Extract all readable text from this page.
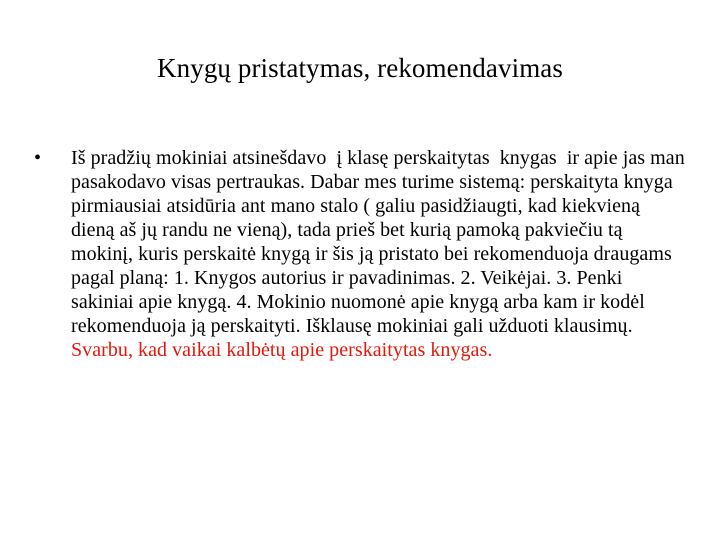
Knygų pristatymas, rekomendavimas
•	Iš pradžių mokiniai atsinešdavo  į klasę perskaitytas  knygas  ir apie jas man pasakodavo visas pertraukas. Dabar mes turime sistemą: perskaityta knyga pirmiausiai atsidūria ant mano stalo ( galiu pasidžiaugti, kad kiekvieną dieną aš jų randu ne vieną), tada prieš bet kurią pamoką pakviečiu tą mokinį, kuris perskaitė knygą ir šis ją pristato bei rekomenduoja draugams pagal planą: 1. Knygos autorius ir pavadinimas. 2. Veikėjai. 3. Penki sakiniai apie knygą. 4. Mokinio nuomonė apie knygą arba kam ir kodėl rekomenduoja ją perskaityti. Išklausę mokiniai gali užduoti klausimų. Svarbu, kad vaikai kalbėtų apie perskaitytas knygas.
